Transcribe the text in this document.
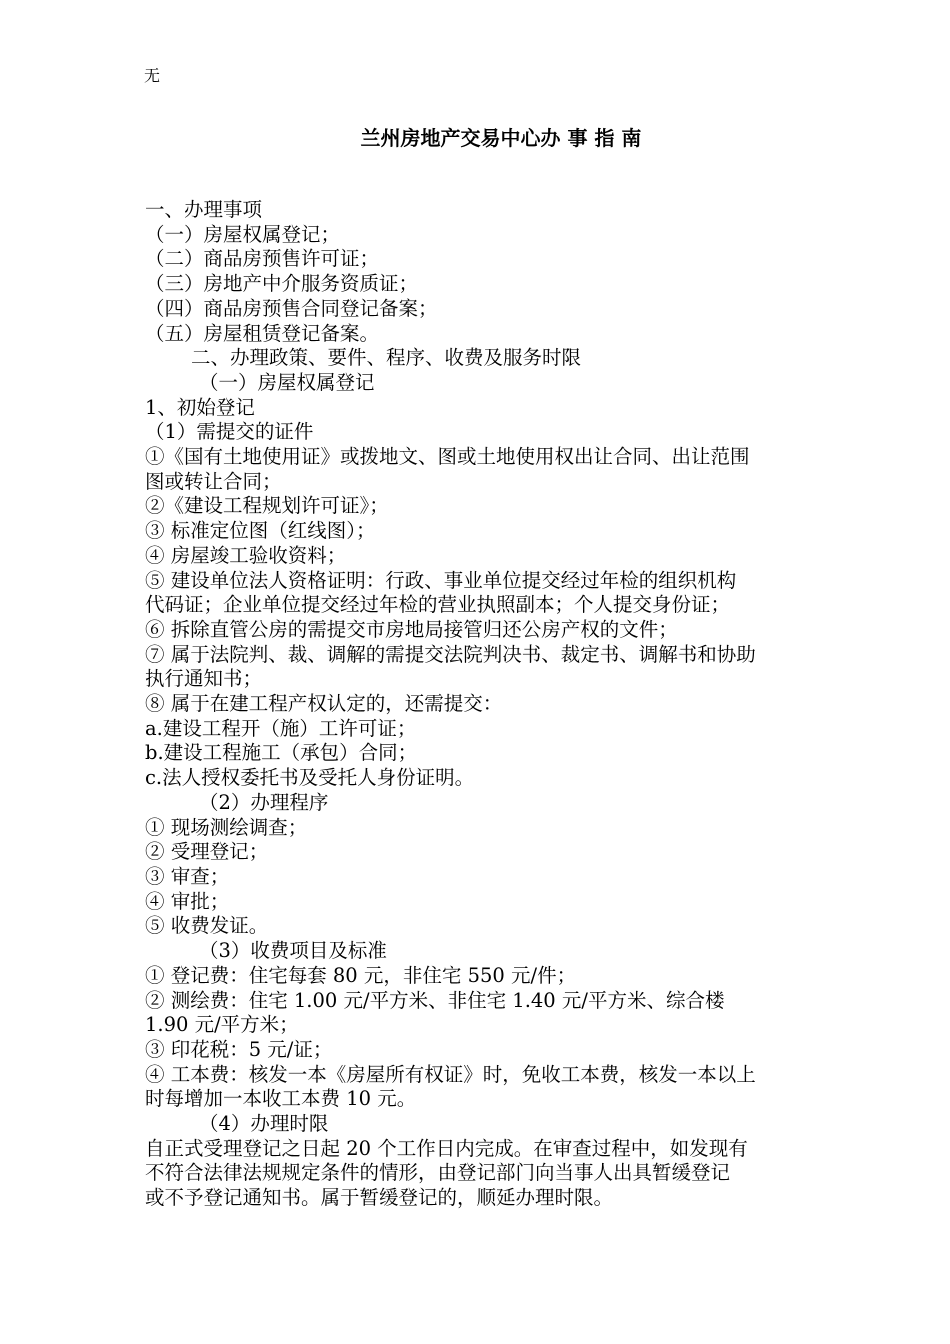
无
兰州房地产交易中心办 事 指 南
一、办理事项
（一）房屋权属登记；
（二）商品房预售许可证；
（三）房地产中介服务资质证；
（四）商品房预售合同登记备案；
（五）房屋租赁登记备案。
二、办理政策、要件、程序、收费及服务时限
（一）房屋权属登记
1、初始登记
（1）需提交的证件
①《国有土地使用证》或拨地文、图或土地使用权出让合同、出让范围
图或转让合同；
②《建设工程规划许可证》；
③ 标准定位图（红线图）；
④ 房屋竣工验收资料；
⑤ 建设单位法人资格证明：行政、事业单位提交经过年检的组织机构
代码证；企业单位提交经过年检的营业执照副本；个人提交身份证；
⑥ 拆除直管公房的需提交市房地局接管归还公房产权的文件；
⑦ 属于法院判、裁、调解的需提交法院判决书、裁定书、调解书和协助
执行通知书；
⑧ 属于在建工程产权认定的，还需提交：
a.建设工程开（施）工许可证；
b.建设工程施工（承包）合同；
c.法人授权委托书及受托人身份证明。
（2）办理程序
① 现场测绘调查；
② 受理登记；
③ 审查；
④ 审批；
⑤ 收费发证。
（3）收费项目及标准
① 登记费：住宅每套 80 元，非住宅 550 元/件；
② 测绘费：住宅 1.00 元/平方米、非住宅 1.40 元/平方米、综合楼
1.90 元/平方米；
③ 印花税：5 元/证；
④ 工本费：核发一本《房屋所有权证》时，免收工本费，核发一本以上
时每增加一本收工本费 10 元。
（4）办理时限
自正式受理登记之日起 20 个工作日内完成。在审查过程中，如发现有
不符合法律法规规定条件的情形，由登记部门向当事人出具暂缓登记
或不予登记通知书。属于暂缓登记的，顺延办理时限。
